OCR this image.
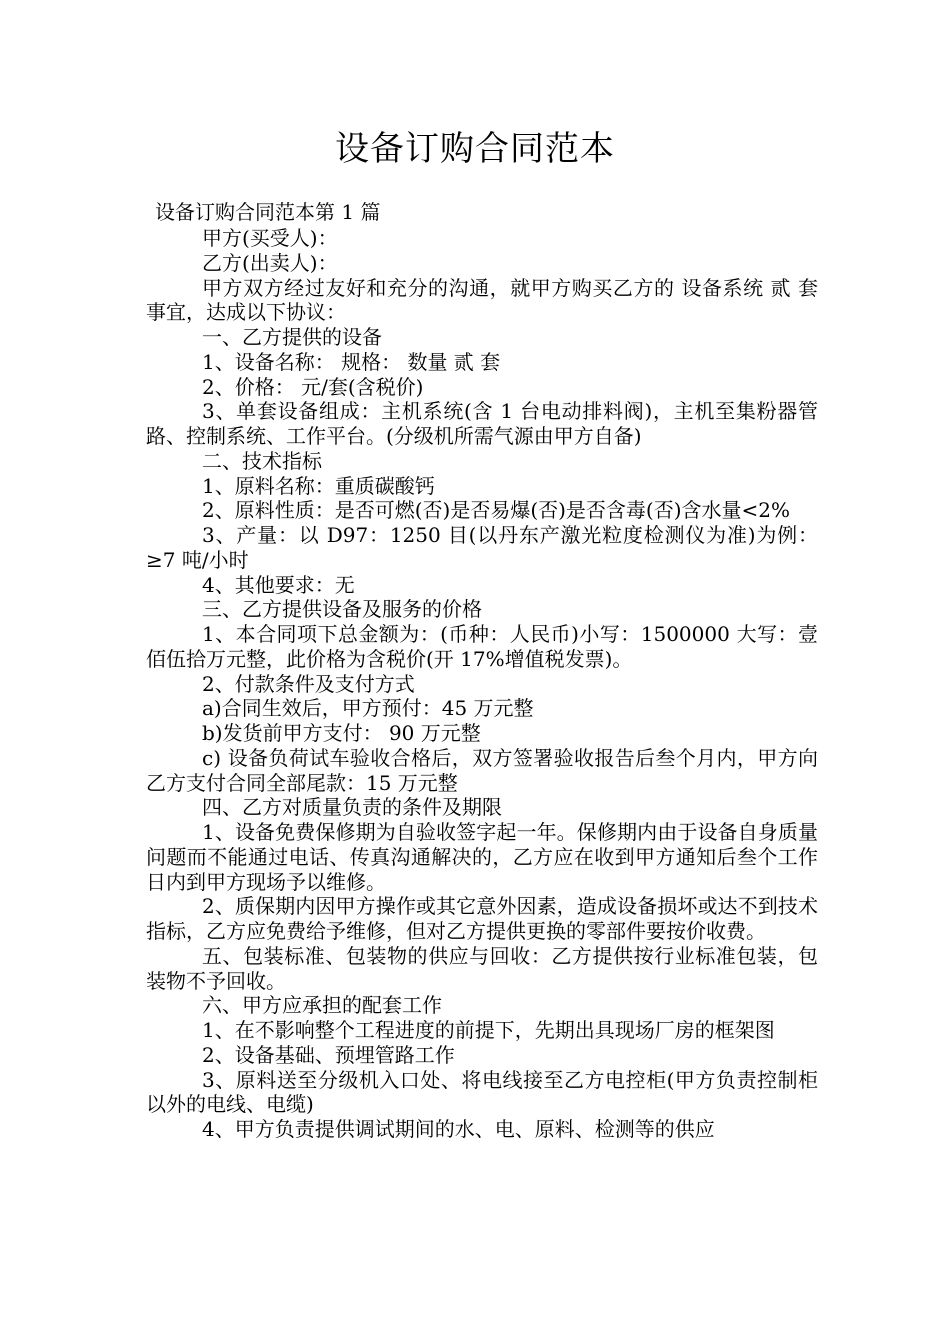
设备订购合同范本
设备订购合同范本第 1 篇

甲方(买受人)：

乙方(出卖人)：

甲方双方经过友好和充分的沟通，就甲方购买乙方的 设备系统 贰 套事宜，达成以下协议：

一、乙方提供的设备

1、设备名称： 规格： 数量 贰 套

2、价格： 元/套(含税价)

3、单套设备组成：主机系统(含 1 台电动排料阀)，主机至集粉器管路、控制系统、工作平台。(分级机所需气源由甲方自备)

二、技术指标

1、原料名称：重质碳酸钙

2、原料性质：是否可燃(否)是否易爆(否)是否含毒(否)含水量<2%

3、产量：以 D97：1250 目(以丹东产激光粒度检测仪为准)为例：≥7 吨/小时

4、其他要求：无

三、乙方提供设备及服务的价格

1、本合同项下总金额为：(币种：人民币)小写：1500000 大写：壹佰伍拾万元整，此价格为含税价(开 17%增值税发票)。

2、付款条件及支付方式

a)合同生效后，甲方预付：45 万元整

b)发货前甲方支付： 90 万元整

c) 设备负荷试车验收合格后，双方签署验收报告后叁个月内，甲方向乙方支付合同全部尾款：15 万元整

四、乙方对质量负责的条件及期限

1、设备免费保修期为自验收签字起一年。保修期内由于设备自身质量问题而不能通过电话、传真沟通解决的，乙方应在收到甲方通知后叁个工作日内到甲方现场予以维修。

2、质保期内因甲方操作或其它意外因素，造成设备损坏或达不到技术指标，乙方应免费给予维修，但对乙方提供更换的零部件要按价收费。

五、包装标准、包装物的供应与回收：乙方提供按行业标准包装，包装物不予回收。

六、甲方应承担的配套工作

1、在不影响整个工程进度的前提下，先期出具现场厂房的框架图

2、设备基础、预埋管路工作

3、原料送至分级机入口处、将电线接至乙方电控柜(甲方负责控制柜以外的电线、电缆)

4、甲方负责提供调试期间的水、电、原料、检测等的供应
